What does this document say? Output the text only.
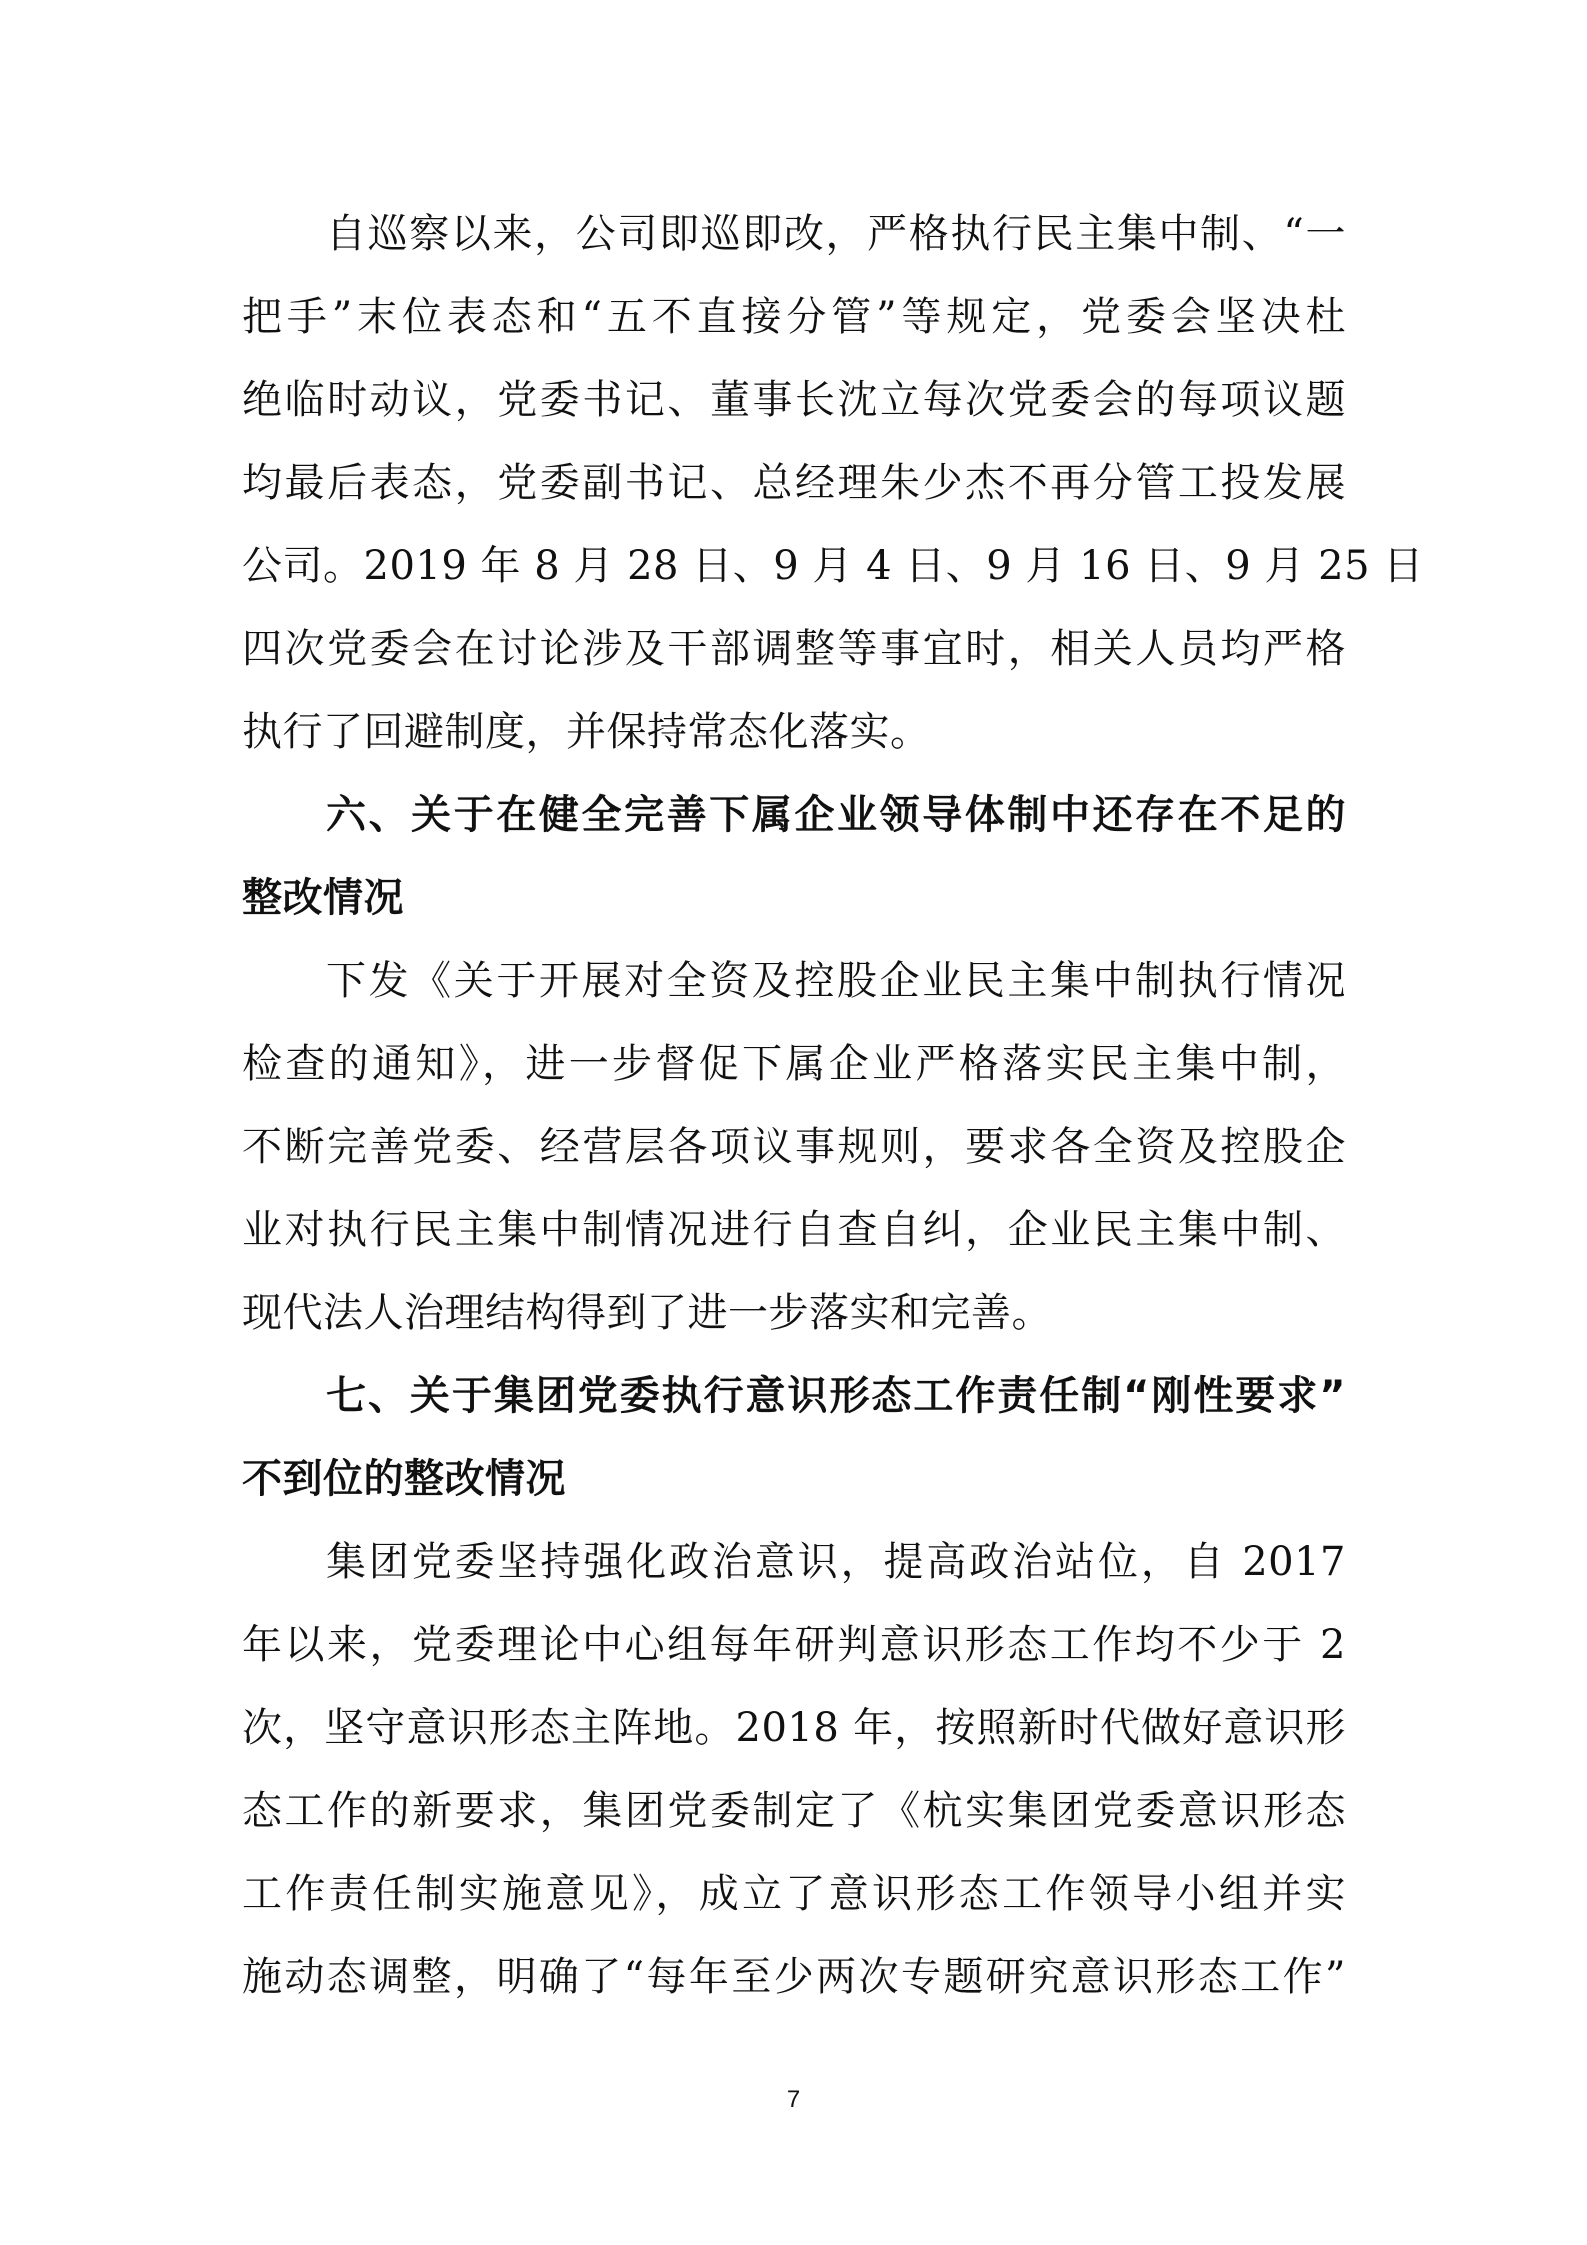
自巡察以来，公司即巡即改，严格执行民主集中制、“一
把手”末位表态和“五不直接分管”等规定，党委会坚决杜
绝临时动议，党委书记、董事长沈立每次党委会的每项议题
均最后表态，党委副书记、总经理朱少杰不再分管工投发展
公司。2019 年 8 月 28 日、9 月 4 日、9 月 16 日、9 月 25 日
四次党委会在讨论涉及干部调整等事宜时，相关人员均严格
执行了回避制度，并保持常态化落实。
六、关于在健全完善下属企业领导体制中还存在不足的
整改情况
下发《关于开展对全资及控股企业民主集中制执行情况
检查的通知》，进一步督促下属企业严格落实民主集中制，
不断完善党委、经营层各项议事规则，要求各全资及控股企
业对执行民主集中制情况进行自查自纠，企业民主集中制、
现代法人治理结构得到了进一步落实和完善。
七、关于集团党委执行意识形态工作责任制“刚性要求”
不到位的整改情况
集团党委坚持强化政治意识，提高政治站位，自 2017
年以来，党委理论中心组每年研判意识形态工作均不少于 2
次，坚守意识形态主阵地。2018 年，按照新时代做好意识形
态工作的新要求，集团党委制定了《杭实集团党委意识形态
工作责任制实施意见》，成立了意识形态工作领导小组并实
施动态调整，明确了“每年至少两次专题研究意识形态工作”
7
